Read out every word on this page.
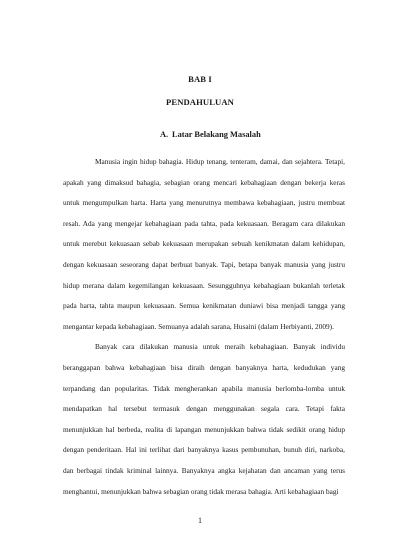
BAB I
PENDAHULUAN
A. Latar Belakang Masalah

Manusia ingin hidup bahagia. Hidup tenang, tenteram, damai, dan sejahtera. Tetapi, apakah yang dimaksud bahagia, sebagian orang mencari kebahagiaan dengan bekerja keras untuk mengumpulkan harta. Harta yang menurutnya membawa kebahagiaan, justru membuat resah. Ada yang mengejar kebahagiaan pada tahta, pada kekuasaan. Beragam cara dilakukan untuk merebut kekuasaan sebab kekuasaan merupakan sebuah kenikmatan dalam kehidupan, dengan kekuasaan seseorang dapat berbuat banyak. Tapi, betapa banyak manusia yang justru hidup merana dalam kegemilangan kekuasaan. Sesungguhnya kebahagiaan bukanlah terletak pada harta, tahta maupun kekuasaan. Semua kenikmatan duniawi bisa menjadi tangga yang mengantar kepada kebahagiaan. Semuanya adalah sarana, Husaini (dalam Herbiyanti, 2009).

Banyak cara dilakukan manusia untuk meraih kebahagiaan. Banyak individu beranggapan bahwa kebahagiaan bisa diraih dengan banyaknya harta, kedudukan yang terpandang dan popularitas. Tidak mengherankan apabila manusia berlomba-lomba untuk mendapatkan hal tersebut termasuk dengan menggunakan segala cara. Tetapi fakta menunjukkan hal berbeda, realita di lapangan menunjukkan bahwa tidak sedikit orang hidup dengan penderitaan. Hal ini terlihat dari banyaknya kasus pembunuhan, bunuh diri, narkoba, dan berbagai tindak kriminal lainnya. Banyaknya angka kejahatan dan ancaman yang terus menghantui, menunjukkan bahwa sebagian orang tidak merasa bahagia. Arti kebahagiaan bagi

1
